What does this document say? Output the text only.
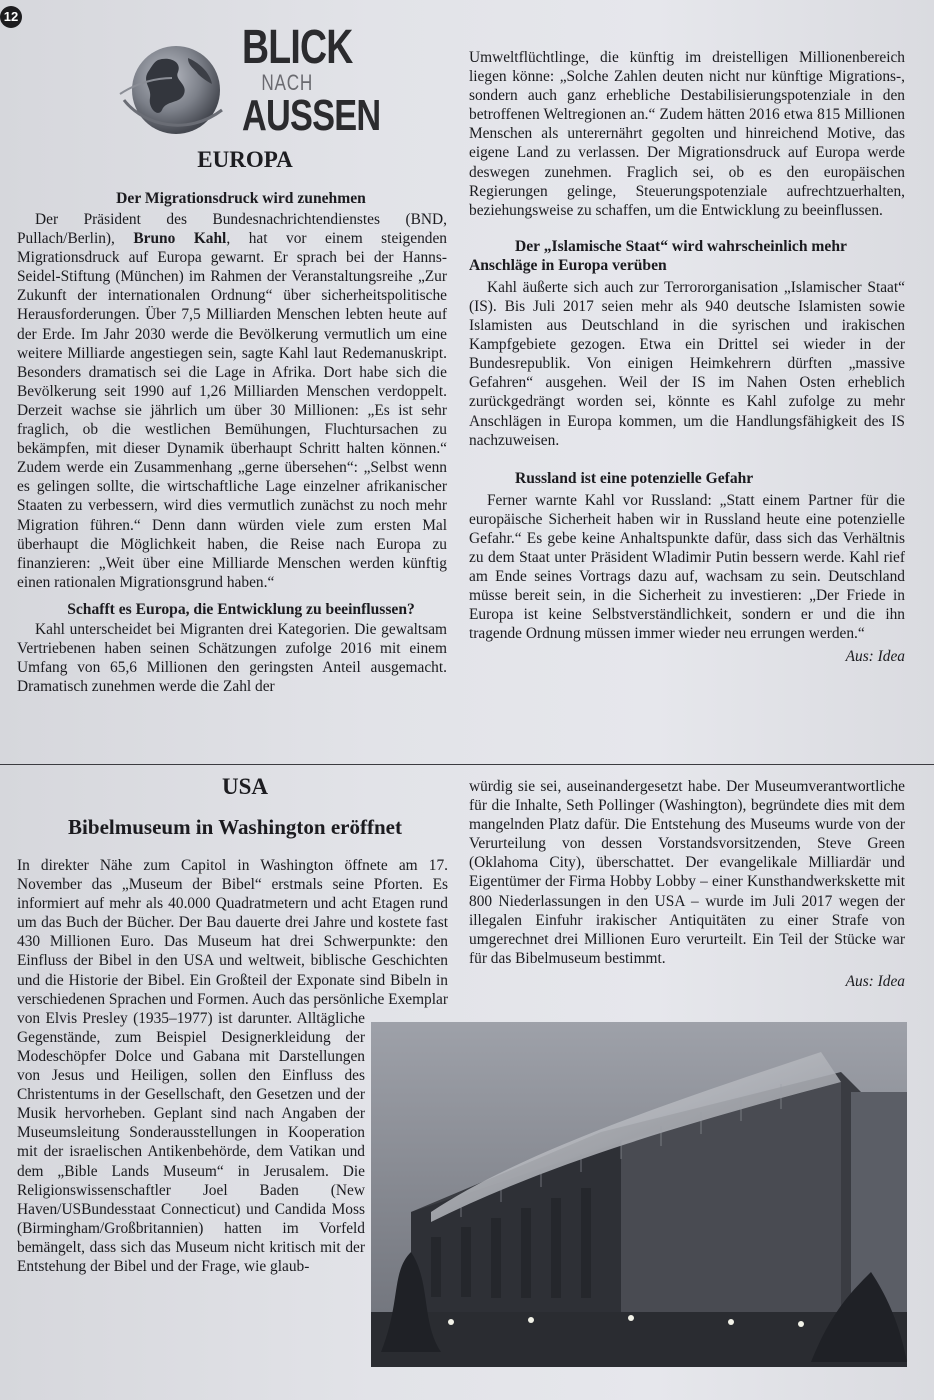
12
BLICK
NACH
AUSSEN
EUROPA

Der Migrationsdruck wird zunehmen

Der Präsident des Bundesnachrichtendienstes (BND, Pullach/Berlin), Bruno Kahl, hat vor einem steigenden Migrationsdruck auf Europa gewarnt. Er sprach bei der Hanns-Seidel-Stiftung (München) im Rahmen der Veranstaltungsreihe „Zur Zukunft der internationalen Ordnung“ über sicherheitspolitische Herausforderungen. Über 7,5 Milliarden Menschen lebten heute auf der Erde. Im Jahr 2030 werde die Bevölkerung vermutlich um eine weitere Milliarde angestiegen sein, sagte Kahl laut Redemanuskript. Besonders dramatisch sei die Lage in Afrika. Dort habe sich die Bevölkerung seit 1990 auf 1,26 Milliarden Menschen verdoppelt. Derzeit wachse sie jährlich um über 30 Millionen: „Es ist sehr fraglich, ob die westlichen Bemühungen, Fluchtursachen zu bekämpfen, mit dieser Dynamik überhaupt Schritt halten können.“ Zudem werde ein Zusammenhang „gerne übersehen“: „Selbst wenn es gelingen sollte, die wirtschaftliche Lage einzelner afrikanischer Staaten zu verbessern, wird dies vermutlich zunächst zu noch mehr Migration führen.“ Denn dann würden viele zum ersten Mal überhaupt die Möglichkeit haben, die Reise nach Europa zu finanzieren: „Weit über eine Milliarde Menschen werden künftig einen rationalen Migrationsgrund haben.“

Schafft es Europa, die Entwicklung zu beeinflussen?

Kahl unterscheidet bei Migranten drei Kategorien. Die gewaltsam Vertriebenen haben seinen Schätzungen zufolge 2016 mit einem Umfang von 65,6 Millionen den geringsten Anteil ausgemacht. Dramatisch zunehmen werde die Zahl der

Umweltflüchtlinge, die künftig im dreistelligen Millionenbereich liegen könne: „Solche Zahlen deuten nicht nur künftige Migrations-, sondern auch ganz erhebliche Destabilisierungspotenziale in den betroffenen Weltregionen an.“ Zudem hätten 2016 etwa 815 Millionen Menschen als unterernährt gegolten und hinreichend Motive, das eigene Land zu verlassen. Der Migrationsdruck auf Europa werde deswegen zunehmen. Fraglich sei, ob es den europäischen Regierungen gelinge, Steuerungspotenziale aufrechtzuerhalten, beziehungsweise zu schaffen, um die Entwicklung zu beeinflussen.

Der „Islamische Staat“ wird wahrscheinlich mehr Anschläge in Europa verüben

Kahl äußerte sich auch zur Terrororganisation „Islamischer Staat“ (IS). Bis Juli 2017 seien mehr als 940 deutsche Islamisten sowie Islamisten aus Deutschland in die syrischen und irakischen Kampfgebiete gezogen. Etwa ein Drittel sei wieder in der Bundesrepublik. Von einigen Heimkehrern dürften „massive Gefahren“ ausgehen. Weil der IS im Nahen Osten erheblich zurückgedrängt worden sei, könnte es Kahl zufolge zu mehr Anschlägen in Europa kommen, um die Handlungsfähigkeit des IS nachzuweisen.

Russland ist eine potenzielle Gefahr

Ferner warnte Kahl vor Russland: „Statt einem Partner für die europäische Sicherheit haben wir in Russland heute eine potenzielle Gefahr.“ Es gebe keine Anhaltspunkte dafür, dass sich das Verhältnis zu dem Staat unter Präsident Wladimir Putin bessern werde. Kahl rief am Ende seines Vortrags dazu auf, wachsam zu sein. Deutschland müsse bereit sein, in die Sicherheit zu investieren: „Der Friede in Europa ist keine Selbstverständlichkeit, sondern er und die ihn tragende Ordnung müssen immer wieder neu errungen werden.“

Aus: Idea

USA
Bibelmuseum in Washington eröffnet

In direkter Nähe zum Capitol in Washington öffnete am 17. November das „Museum der Bibel“ erstmals seine Pforten. Es informiert auf mehr als 40.000 Quadratmetern und acht Etagen rund um das Buch der Bücher. Der Bau dauerte drei Jahre und kostete fast 430 Millionen Euro. Das Museum hat drei Schwerpunkte: den Einfluss der Bibel in den USA und weltweit, biblische Geschichten und die Historie der Bibel. Ein Großteil der Exponate sind Bibeln in verschiedenen Sprachen und Formen. Auch das persönliche Exemplar von Elvis Presley (1935–1977) ist darunter. Alltägliche Gegenstände, zum Beispiel Designerkleidung der Modeschöpfer Dolce und Gabana mit Darstellungen von Jesus und Heiligen, sollen den Einfluss des Christentums in der Gesellschaft, den Gesetzen und der Musik hervorheben. Geplant sind nach Angaben der Museumsleitung Sonderausstellungen in Kooperation mit der israelischen Antikenbehörde, dem Vatikan und dem „Bible Lands Museum“ in Jerusalem. Die Religionswissenschaftler Joel Baden (New Haven/USBundesstaat Connecticut) und Candida Moss (Birmingham/Großbritannien) hatten im Vorfeld bemängelt, dass sich das Museum nicht kritisch mit der Entstehung der Bibel und der Frage, wie glaub-

würdig sie sei, auseinandergesetzt habe. Der Museumverantwortliche für die Inhalte, Seth Pollinger (Washington), begründete dies mit dem mangelnden Platz dafür. Die Entstehung des Museums wurde von der Verurteilung von dessen Vorstandsvorsitzenden, Steve Green (Oklahoma City), überschattet. Der evangelikale Milliardär und Eigentümer der Firma Hobby Lobby – einer Kunsthandwerkskette mit 800 Niederlassungen in den USA – wurde im Juli 2017 wegen der illegalen Einfuhr irakischer Antiquitäten zu einer Strafe von umgerechnet drei Millionen Euro verurteilt. Ein Teil der Stücke war für das Bibelmuseum bestimmt.

Aus: Idea
